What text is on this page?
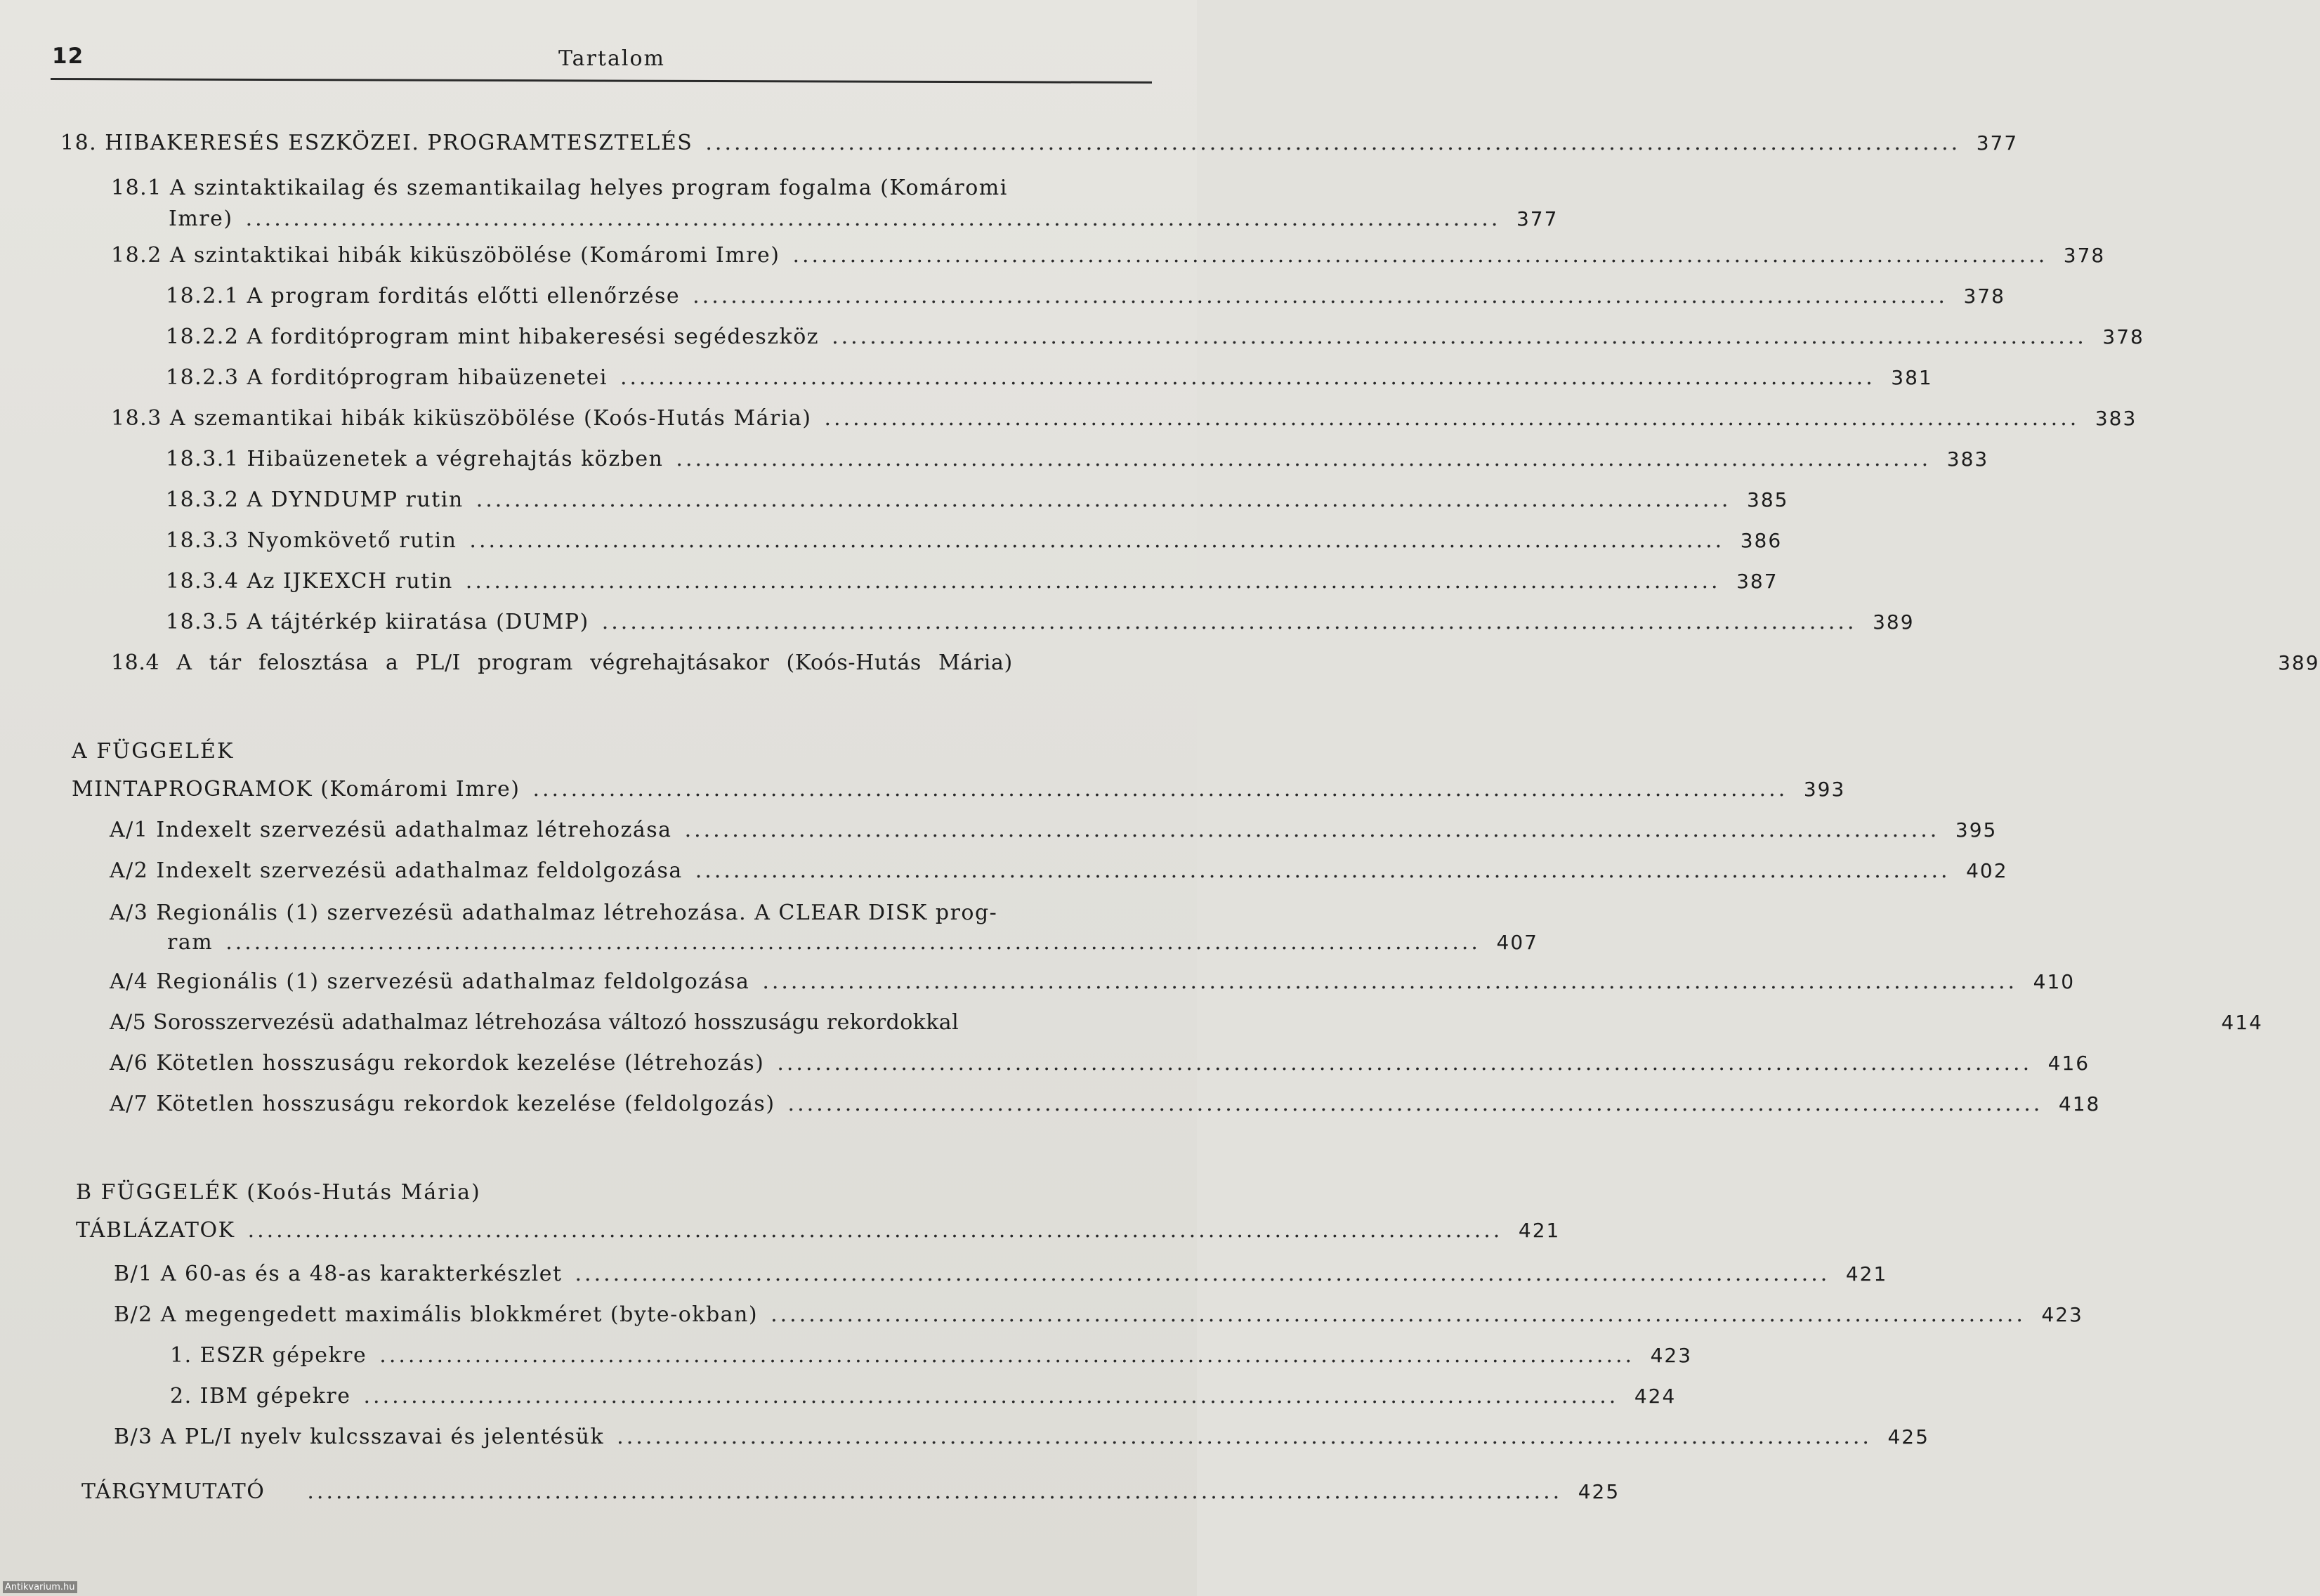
12	Tartalom
18. HIBAKERESÉS ESZKÖZEI. PROGRAMTESZTELÉS .................................................................................................................................... 377
18.1 A szintaktikailag és szemantikailag helyes program fogalma (Komáromi
Imre) .................................................................................................................................... 377
18.2 A szintaktikai hibák kiküszöbölése (Komáromi Imre) .................................................................................................................................... 378
18.2.1 A program forditás előtti ellenőrzése .................................................................................................................................... 378
18.2.2 A forditóprogram mint hibakeresési segédeszköz .................................................................................................................................... 378
18.2.3 A forditóprogram hibaüzenetei .................................................................................................................................... 381
18.3 A szemantikai hibák kiküszöbölése (Koós-Hutás Mária) .................................................................................................................................... 383
18.3.1 Hibaüzenetek a végrehajtás közben .................................................................................................................................... 383
18.3.2 A DYNDUMP rutin .................................................................................................................................... 385
18.3.3 Nyomkövető rutin .................................................................................................................................... 386
18.3.4 Az IJKEXCH rutin .................................................................................................................................... 387
18.3.5 A tájtérkép kiiratása (DUMP) .................................................................................................................................... 389
18.4 A tár felosztása a PL/I program végrehajtásakor (Koós-Hutás Mária)	389
A FÜGGELÉK
MINTAPROGRAMOK (Komáromi Imre) .................................................................................................................................... 393
A/1 Indexelt szervezésü adathalmaz létrehozása .................................................................................................................................... 395
A/2 Indexelt szervezésü adathalmaz feldolgozása .................................................................................................................................... 402
A/3 Regionális (1) szervezésü adathalmaz létrehozása. A CLEAR DISK prog-
ram .................................................................................................................................... 407
A/4 Regionális (1) szervezésü adathalmaz feldolgozása .................................................................................................................................... 410
A/5 Sorosszervezésü adathalmaz létrehozása változó hosszuságu rekordokkal	414
A/6 Kötetlen hosszuságu rekordok kezelése (létrehozás) .................................................................................................................................... 416
A/7 Kötetlen hosszuságu rekordok kezelése (feldolgozás) .................................................................................................................................... 418
B FÜGGELÉK (Koós-Hutás Mária)
TÁBLÁZATOK .................................................................................................................................... 421
B/1 A 60-as és a 48-as karakterkészlet .................................................................................................................................... 421
B/2 A megengedett maximális blokkméret (byte-okban) .................................................................................................................................... 423
1. ESZR gépekre .................................................................................................................................... 423
2. IBM gépekre .................................................................................................................................... 424
B/3 A PL/I nyelv kulcsszavai és jelentésük .................................................................................................................................... 425
TÁRGYMUTATÓ .................................................................................................................................... 425
Antikvarium.hu
